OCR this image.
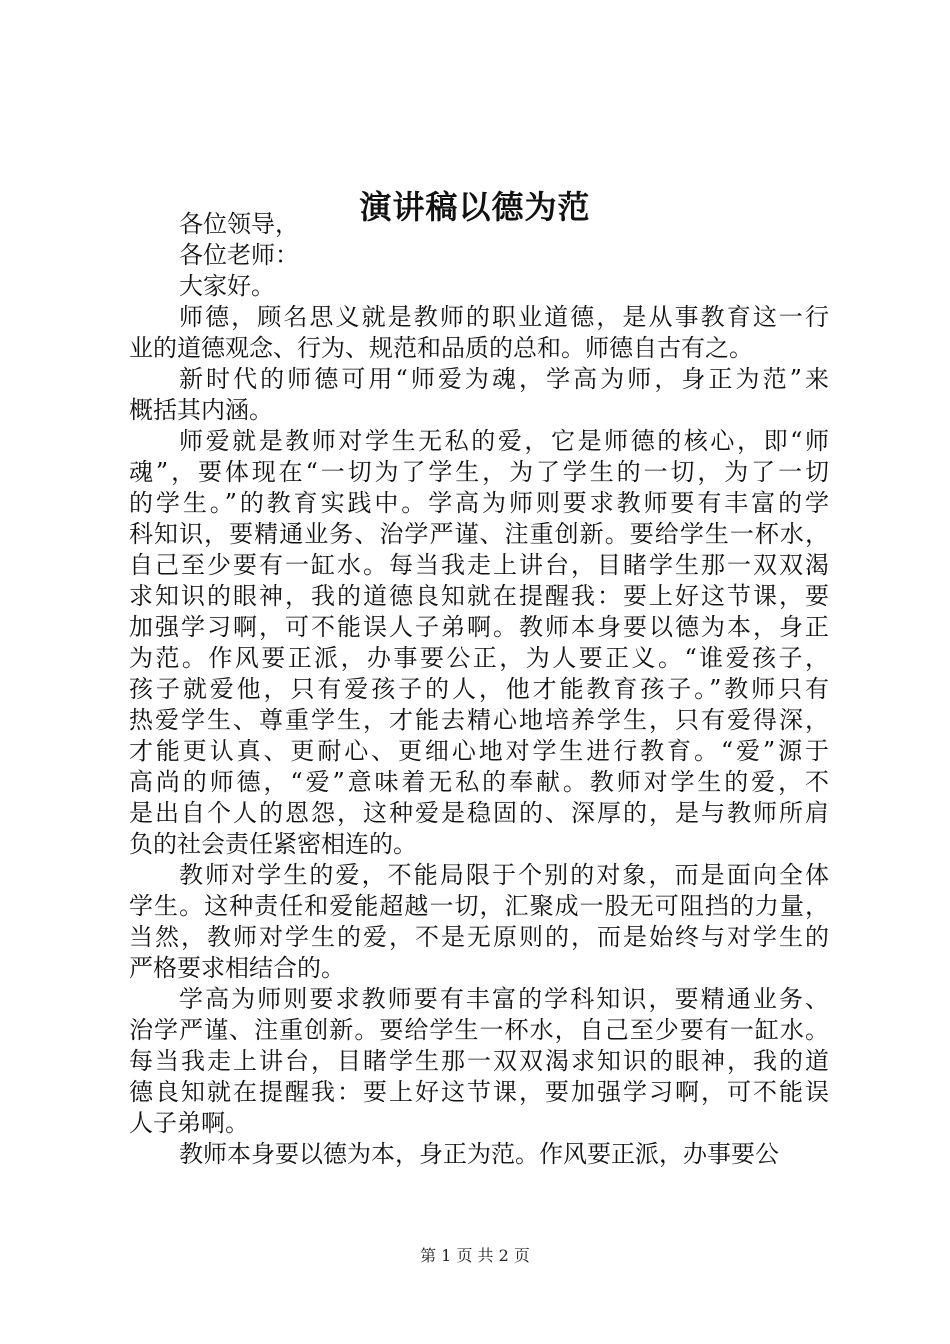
演讲稿以德为范

各位领导，

各位老师：

大家好。

师德，顾名思义就是教师的职业道德，是从事教育这一行
业的道德观念、行为、规范和品质的总和。师德自古有之。
新时代的师德可用“师爱为魂，学高为师，身正为范”来
概括其内涵。
师爱就是教师对学生无私的爱，它是师德的核心，即“师
魂”，要体现在“一切为了学生，为了学生的一切，为了一切
的学生。”的教育实践中。学高为师则要求教师要有丰富的学
科知识，要精通业务、治学严谨、注重创新。要给学生一杯水，
自己至少要有一缸水。每当我走上讲台，目睹学生那一双双渴
求知识的眼神，我的道德良知就在提醒我：要上好这节课，要
加强学习啊，可不能误人子弟啊。教师本身要以德为本，身正
为范。作风要正派，办事要公正，为人要正义。“谁爱孩子，
孩子就爱他，只有爱孩子的人，他才能教育孩子。”教师只有
热爱学生、尊重学生，才能去精心地培养学生，只有爱得深，
才能更认真、更耐心、更细心地对学生进行教育。“爱”源于
高尚的师德，“爱”意味着无私的奉献。教师对学生的爱，不
是出自个人的恩怨，这种爱是稳固的、深厚的，是与教师所肩
负的社会责任紧密相连的。
教师对学生的爱，不能局限于个别的对象，而是面向全体
学生。这种责任和爱能超越一切，汇聚成一股无可阻挡的力量，
当然，教师对学生的爱，不是无原则的，而是始终与对学生的
严格要求相结合的。
学高为师则要求教师要有丰富的学科知识，要精通业务、
治学严谨、注重创新。要给学生一杯水，自己至少要有一缸水。
每当我走上讲台，目睹学生那一双双渴求知识的眼神，我的道
德良知就在提醒我：要上好这节课，要加强学习啊，可不能误
人子弟啊。
教师本身要以德为本，身正为范。作风要正派，办事要公
第 1 页 共 2 页
